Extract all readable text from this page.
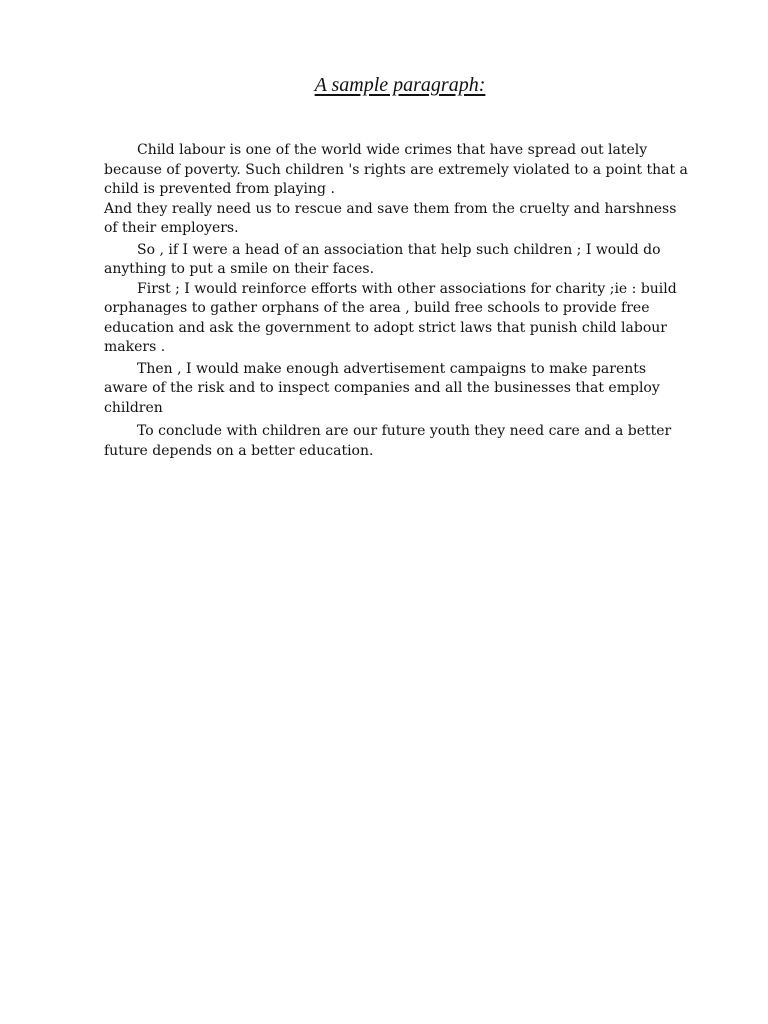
A sample paragraph:

Child labour is one of the world wide crimes that have spread out lately because of poverty. Such children 's rights are extremely violated to a point that a child is prevented from playing .

And they really need us to rescue and save them from the cruelty and harshness of their employers.

So , if I were a head of an association that help such children ; I would do anything to put a smile on their faces.

First ; I would reinforce efforts with other associations for charity ;ie : build orphanages to gather orphans of the area , build free schools to provide free education and ask the government to adopt strict laws that punish child labour makers .

Then , I would make enough advertisement campaigns to make parents aware of the risk and to inspect companies and all the businesses that employ children

To conclude with children are our future youth they need care and a better future depends on a better education.
